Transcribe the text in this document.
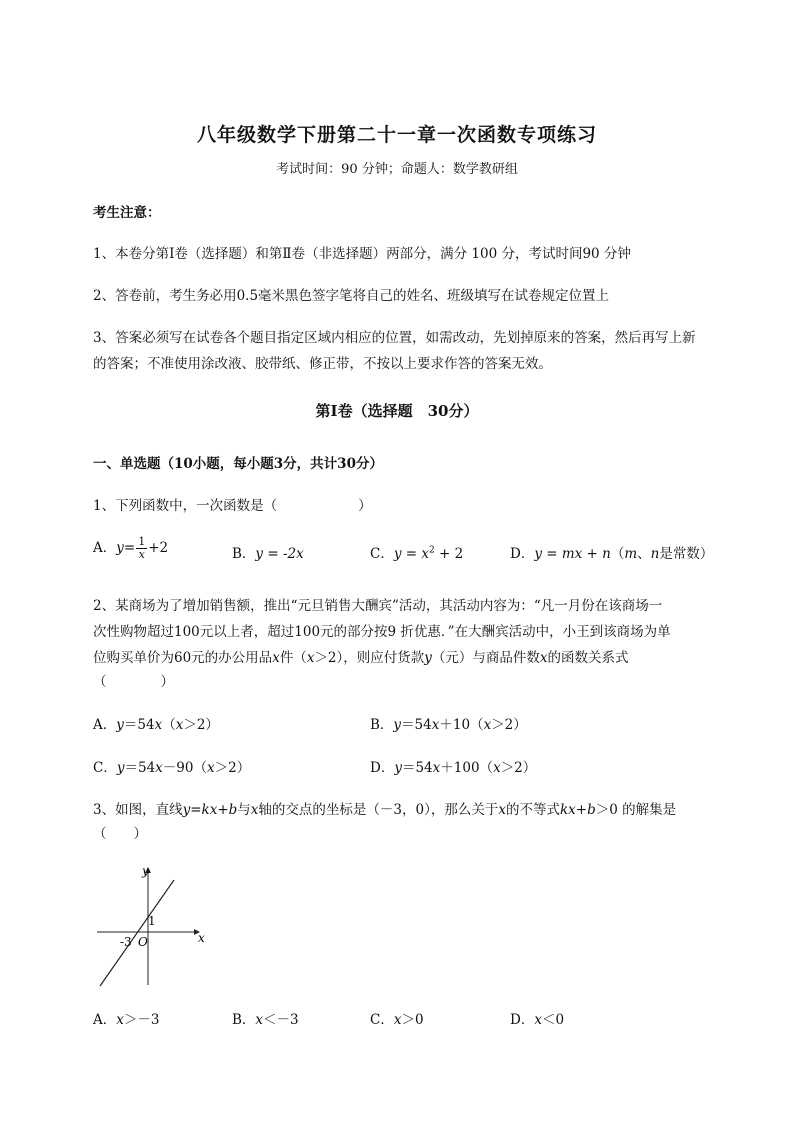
八年级数学下册第二十一章一次函数专项练习
考试时间：90 分钟；命题人：数学教研组
考生注意：
1、本卷分第Ⅰ卷（选择题）和第Ⅱ卷（非选择题）两部分，满分 100 分，考试时间90 分钟
2、答卷前，考生务必用0.5毫米黑色签字笔将自己的姓名、班级填写在试卷规定位置上
3、答案必须写在试卷各个题目指定区域内相应的位置，如需改动，先划掉原来的答案，然后再写上新
的答案；不准使用涂改液、胶带纸、修正带，不按以上要求作答的答案无效。
第Ⅰ卷（选择题　30分）
一、单选题（10小题，每小题3分，共计30分）
1、下列函数中，一次函数是（　　　　　　）
A．$y= \frac{1}{x} +2$	B．y = -2x	C．$y = x^2 + 2$	D．y = mx + n（m、n是常数）
2、某商场为了增加销售额，推出“元旦销售大酬宾”活动，其活动内容为：“凡一月份在该商场一
次性购物超过100元以上者，超过100元的部分按9 折优惠．”在大酬宾活动中，小王到该商场为单
位购买单价为60元的办公用品x件（x＞2），则应付货款y（元）与商品件数x的函数关系式
（　　　　）
A．y＝54x（x＞2）	B．y＝54x＋10（x＞2）
C．y＝54x－90（x＞2）	D．y＝54x＋100（x＞2）
3、如图，直线y=kx+b与x轴的交点的坐标是（－3，0），那么关于x的不等式kx+b＞0 的解集是
（　　）
y
x
O
1
-3
A．x＞－3	B．x＜－3	C．x＞0	D．x＜0
